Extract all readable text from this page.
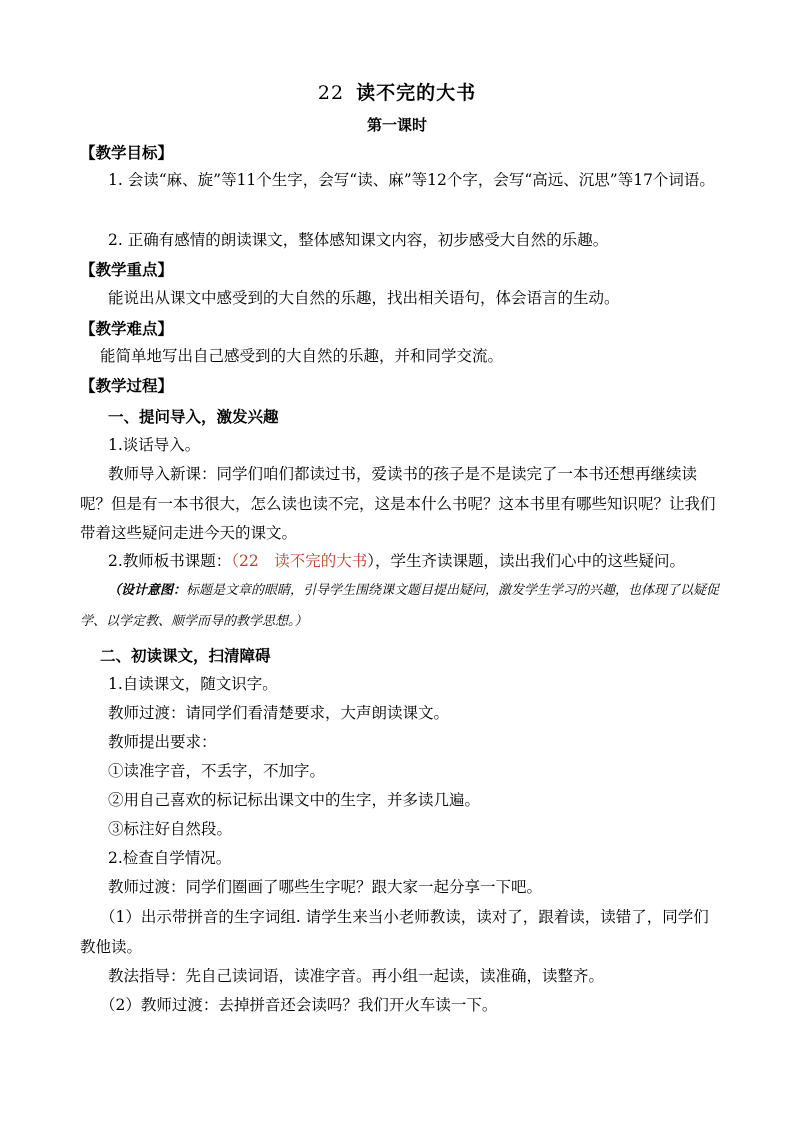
22 读不完的大书
第一课时
【教学目标】
1. 会读“麻、旋”等11个生字，会写“读、麻”等12个字，会写“高远、沉思”等17个词语。
2. 正确有感情的朗读课文，整体感知课文内容，初步感受大自然的乐趣。
【教学重点】
能说出从课文中感受到的大自然的乐趣，找出相关语句，体会语言的生动。
【教学难点】
能简单地写出自己感受到的大自然的乐趣，并和同学交流。
【教学过程】
一、提问导入，激发兴趣
1.谈话导入。
教师导入新课：同学们咱们都读过书，爱读书的孩子是不是读完了一本书还想再继续读呢？但是有一本书很大，怎么读也读不完，这是本什么书呢？这本书里有哪些知识呢？让我们带着这些疑问走进今天的课文。
2.教师板书课题：（22　读不完的大书），学生齐读课题，读出我们心中的这些疑问。
（设计意图：标题是文章的眼睛，引导学生围绕课文题目提出疑问，激发学生学习的兴趣，也体现了以疑促学、以学定教、顺学而导的教学思想。）
二、初读课文，扫清障碍
1.自读课文，随文识字。
教师过渡：请同学们看清楚要求，大声朗读课文。
教师提出要求：
①读准字音，不丢字，不加字。
②用自己喜欢的标记标出课文中的生字，并多读几遍。
③标注好自然段。
2.检查自学情况。
教师过渡：同学们圈画了哪些生字呢？跟大家一起分享一下吧。
（1）出示带拼音的生字词组. 请学生来当小老师教读，读对了，跟着读，读错了，同学们教他读。
教法指导：先自己读词语，读准字音。再小组一起读，读准确，读整齐。
（2）教师过渡：去掉拼音还会读吗？我们开火车读一下。
